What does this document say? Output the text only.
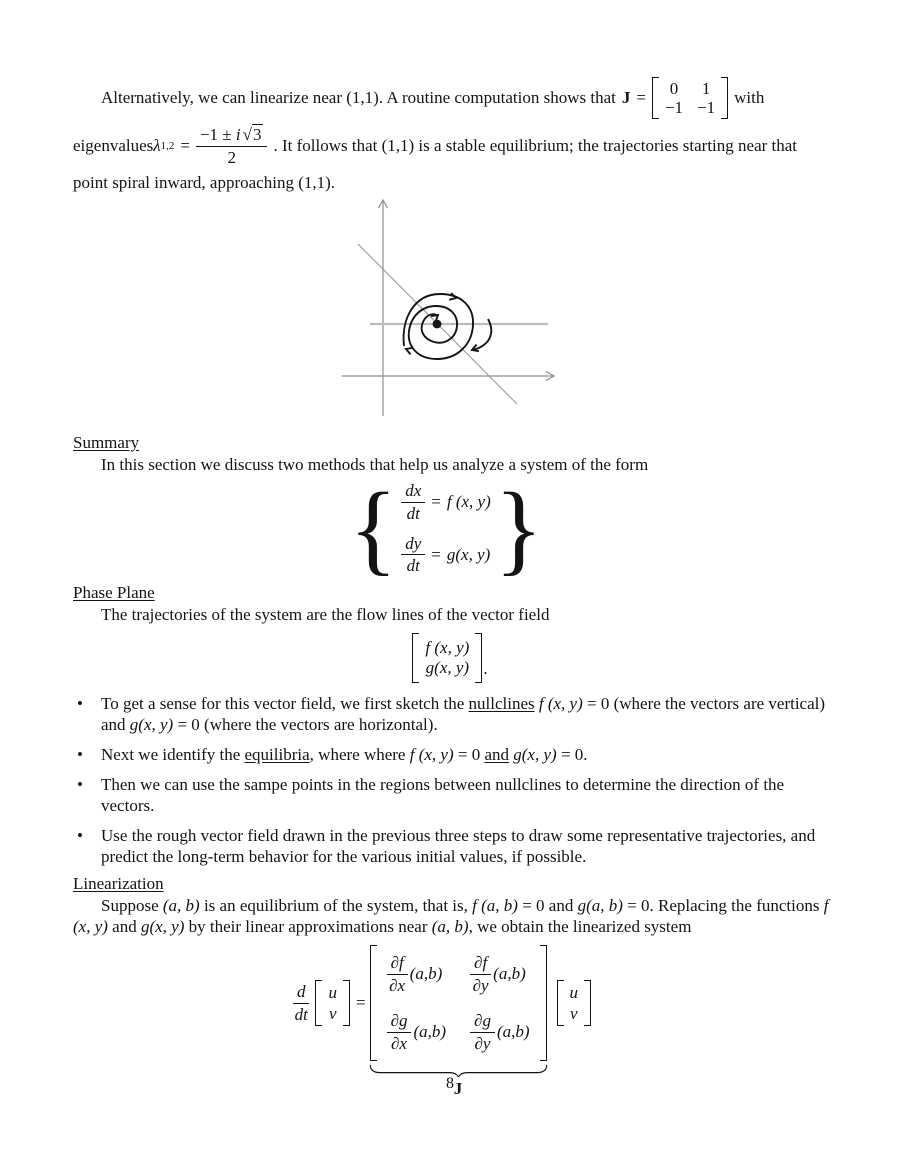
Alternatively, we can linearize near (1,1). A routine computation shows that J = 0 1
−1 −1
with
eigenvalues λ $1,2 = \frac{-1 \pm i √3}{2}$ . It follows that (1,1) is a stable equilibrium; the trajectories starting near that
point spiral inward, approaching (1,1).
Summary
In this section we discuss two methods that help us analyze a system of the form
{ $\frac{dx}{dt} = f$ (x, y)
$\frac{dy}{dt} = g(x$, y) }
Phase Plane
The trajectories of the system are the flow lines of the vector field
f (x, y)
g(x, y) .
•	To get a sense for this vector field, we first sketch the nullclines f (x, y) = 0 (where the vectors are vertical) and g(x, y) = 0 (where the vectors are horizontal).
•	Next we identify the equilibria, where where f (x, y) = 0 and g(x, y) = 0.
•	Then we can use the sampe points in the regions between nullclines to determine the direction of the vectors.
•	Use the rough vector field drawn in the previous three steps to draw some representative trajectories, and predict the long-term behavior for the various initial values, if possible.
Linearization
Suppose (a, b) is an equilibrium of the system, that is, f (a, b) = 0 and g(a, b) = 0. Replacing the functions f (x, y) and g(x, y) by their linear approximations near (a, b), we obtain the linearized system
$\frac{d}{dt}$ u
v
=
$\frac{\partial f}{\partial x} (a,b) \frac{\partial f}{\partial y} (a,b)$
$\frac{\partial g}{\partial x} (a,b) \frac{\partial g}{\partial y} (a,b)$
J
u
v
8
